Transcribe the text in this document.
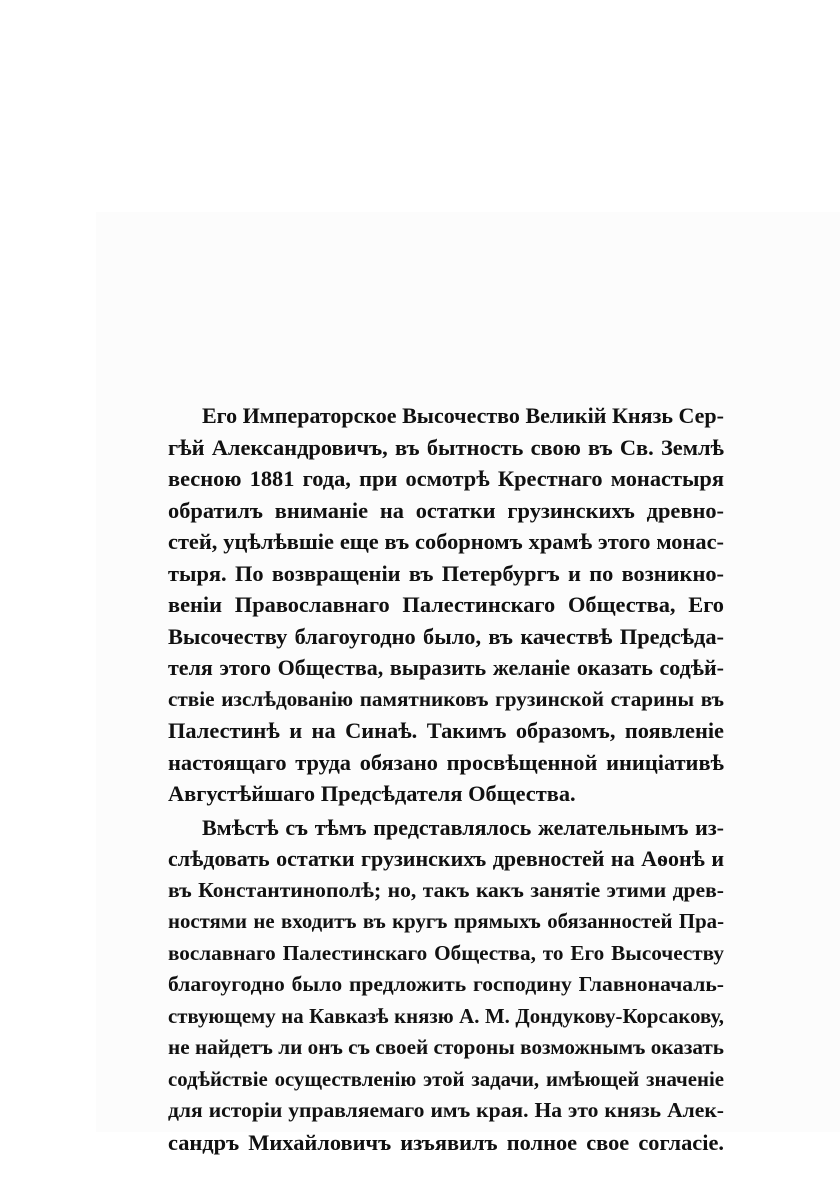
Его Императорское Высочество Великій Князь Сер-
гѣй Александровичъ, въ бытность свою въ Св. Землѣ
весною 1881 года, при осмотрѣ Крестнаго монастыря
обратилъ вниманіе на остатки грузинскихъ древно-
стей, уцѣлѣвшіе еще въ соборномъ храмѣ этого монас-
тыря. По возвращеніи въ Петербургъ и по возникно-
веніи Православнаго Палестинскаго Общества, Его
Высочеству благоугодно было, въ качествѣ Предсѣда-
теля этого Общества, выразить желаніе оказать содѣй-
ствіе изслѣдованію памятниковъ грузинской старины въ
Палестинѣ и на Синаѣ. Такимъ образомъ, появленіе
настоящаго труда обязано просвѣщенной иниціативѣ
Августѣйшаго Предсѣдателя Общества.
Вмѣстѣ съ тѣмъ представлялось желательнымъ из-
слѣдовать остатки грузинскихъ древностей на Аѳонѣ и
въ Константинополѣ; но, такъ какъ занятіе этими древ-
ностями не входитъ въ кругъ прямыхъ обязанностей Пра-
вославнаго Палестинскаго Общества, то Его Высочеству
благоугодно было предложить господину Главноначаль-
ствующему на Кавказѣ князю А. М. Дондукову-Корсакову,
не найдетъ ли онъ съ своей стороны возможнымъ оказать
содѣйствіе осуществленію этой задачи, имѣющей значеніе
для исторіи управляемаго имъ края. На это князь Алек-
сандръ Михайловичъ изъявилъ полное свое согласіе.
